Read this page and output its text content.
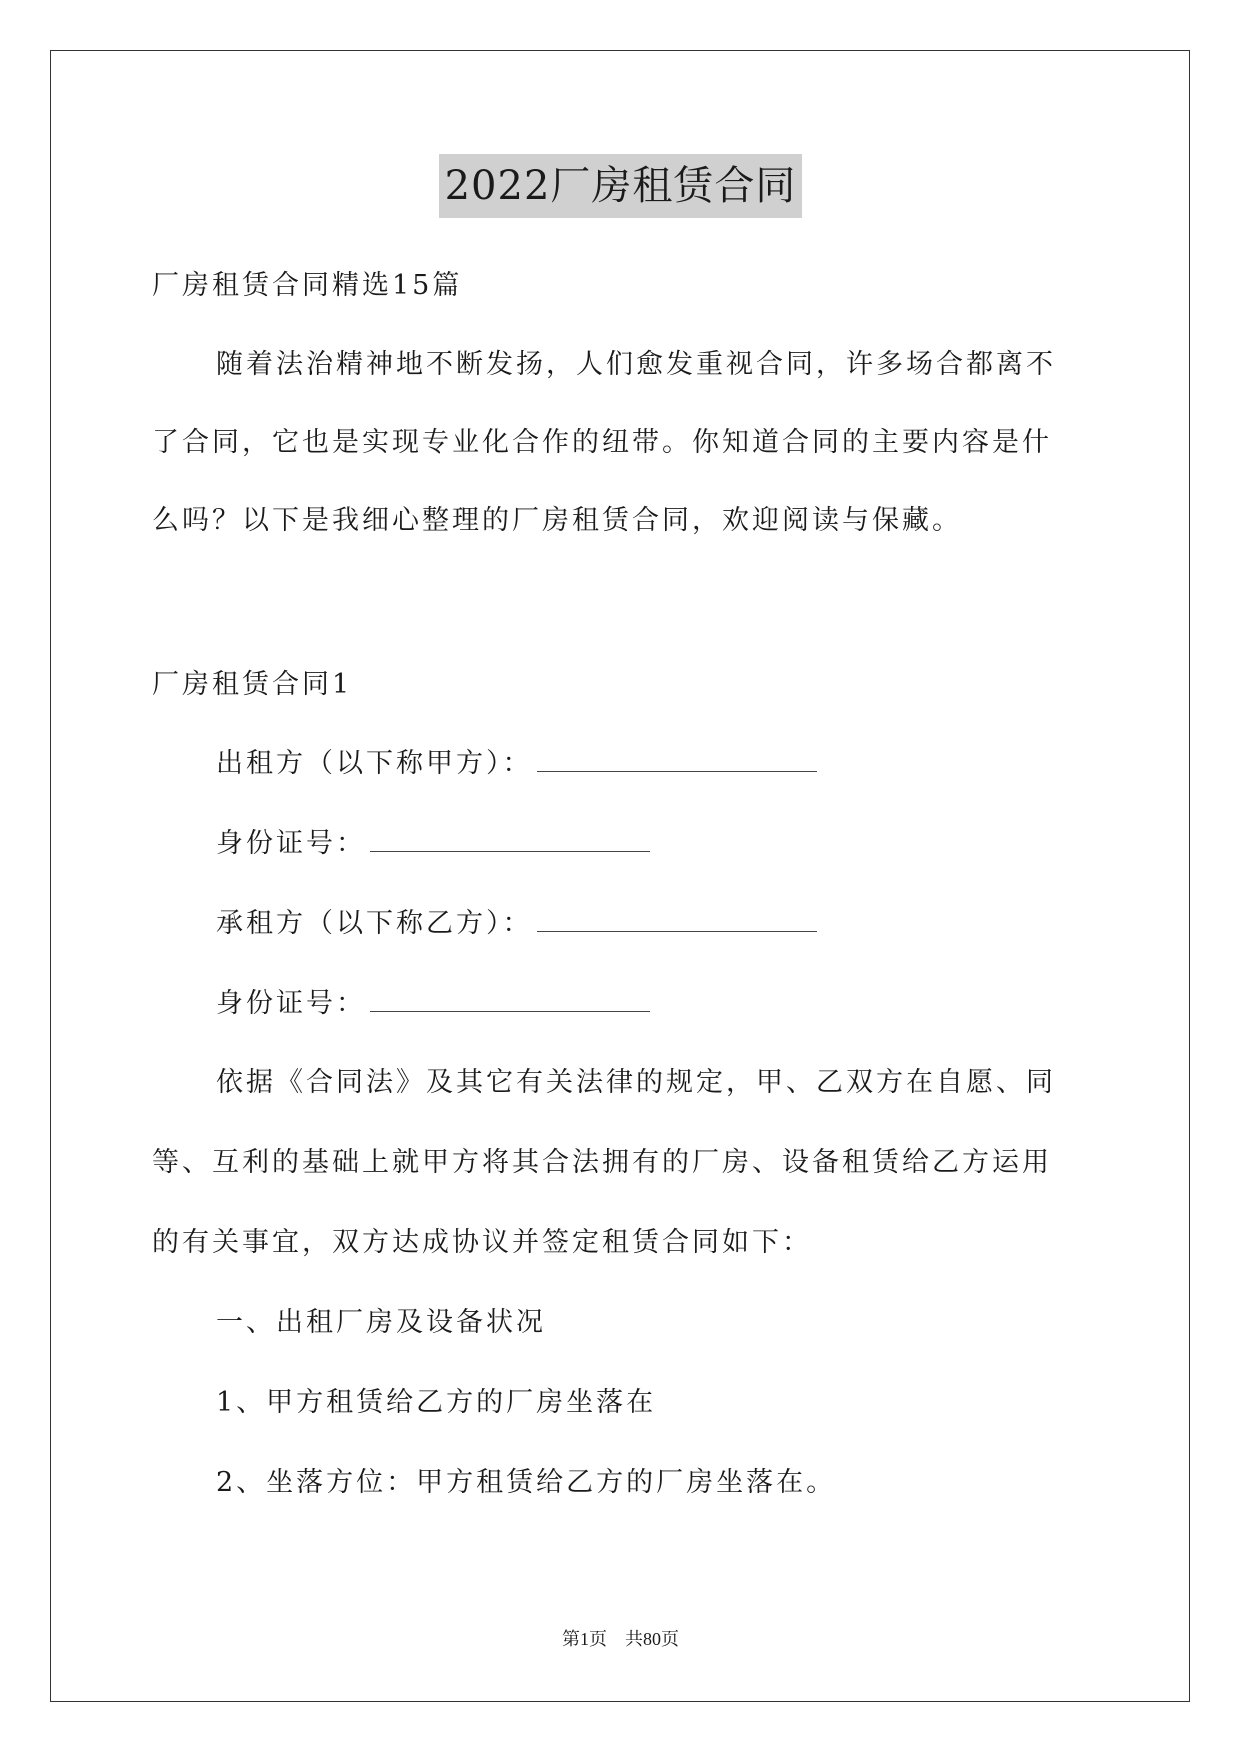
2022厂房租赁合同
厂房租赁合同精选15篇
随着法治精神地不断发扬，人们愈发重视合同，许多场合都离不
了合同，它也是实现专业化合作的纽带。你知道合同的主要内容是什
么吗？以下是我细心整理的厂房租赁合同，欢迎阅读与保藏。
厂房租赁合同1
出租方（以下称甲方）：
身份证号：
承租方（以下称乙方）：
身份证号：
依据《合同法》及其它有关法律的规定，甲、乙双方在自愿、同
等、互利的基础上就甲方将其合法拥有的厂房、设备租赁给乙方运用
的有关事宜，双方达成协议并签定租赁合同如下：
一、出租厂房及设备状况
1、甲方租赁给乙方的厂房坐落在
2、坐落方位：甲方租赁给乙方的厂房坐落在。
第1页 共80页
